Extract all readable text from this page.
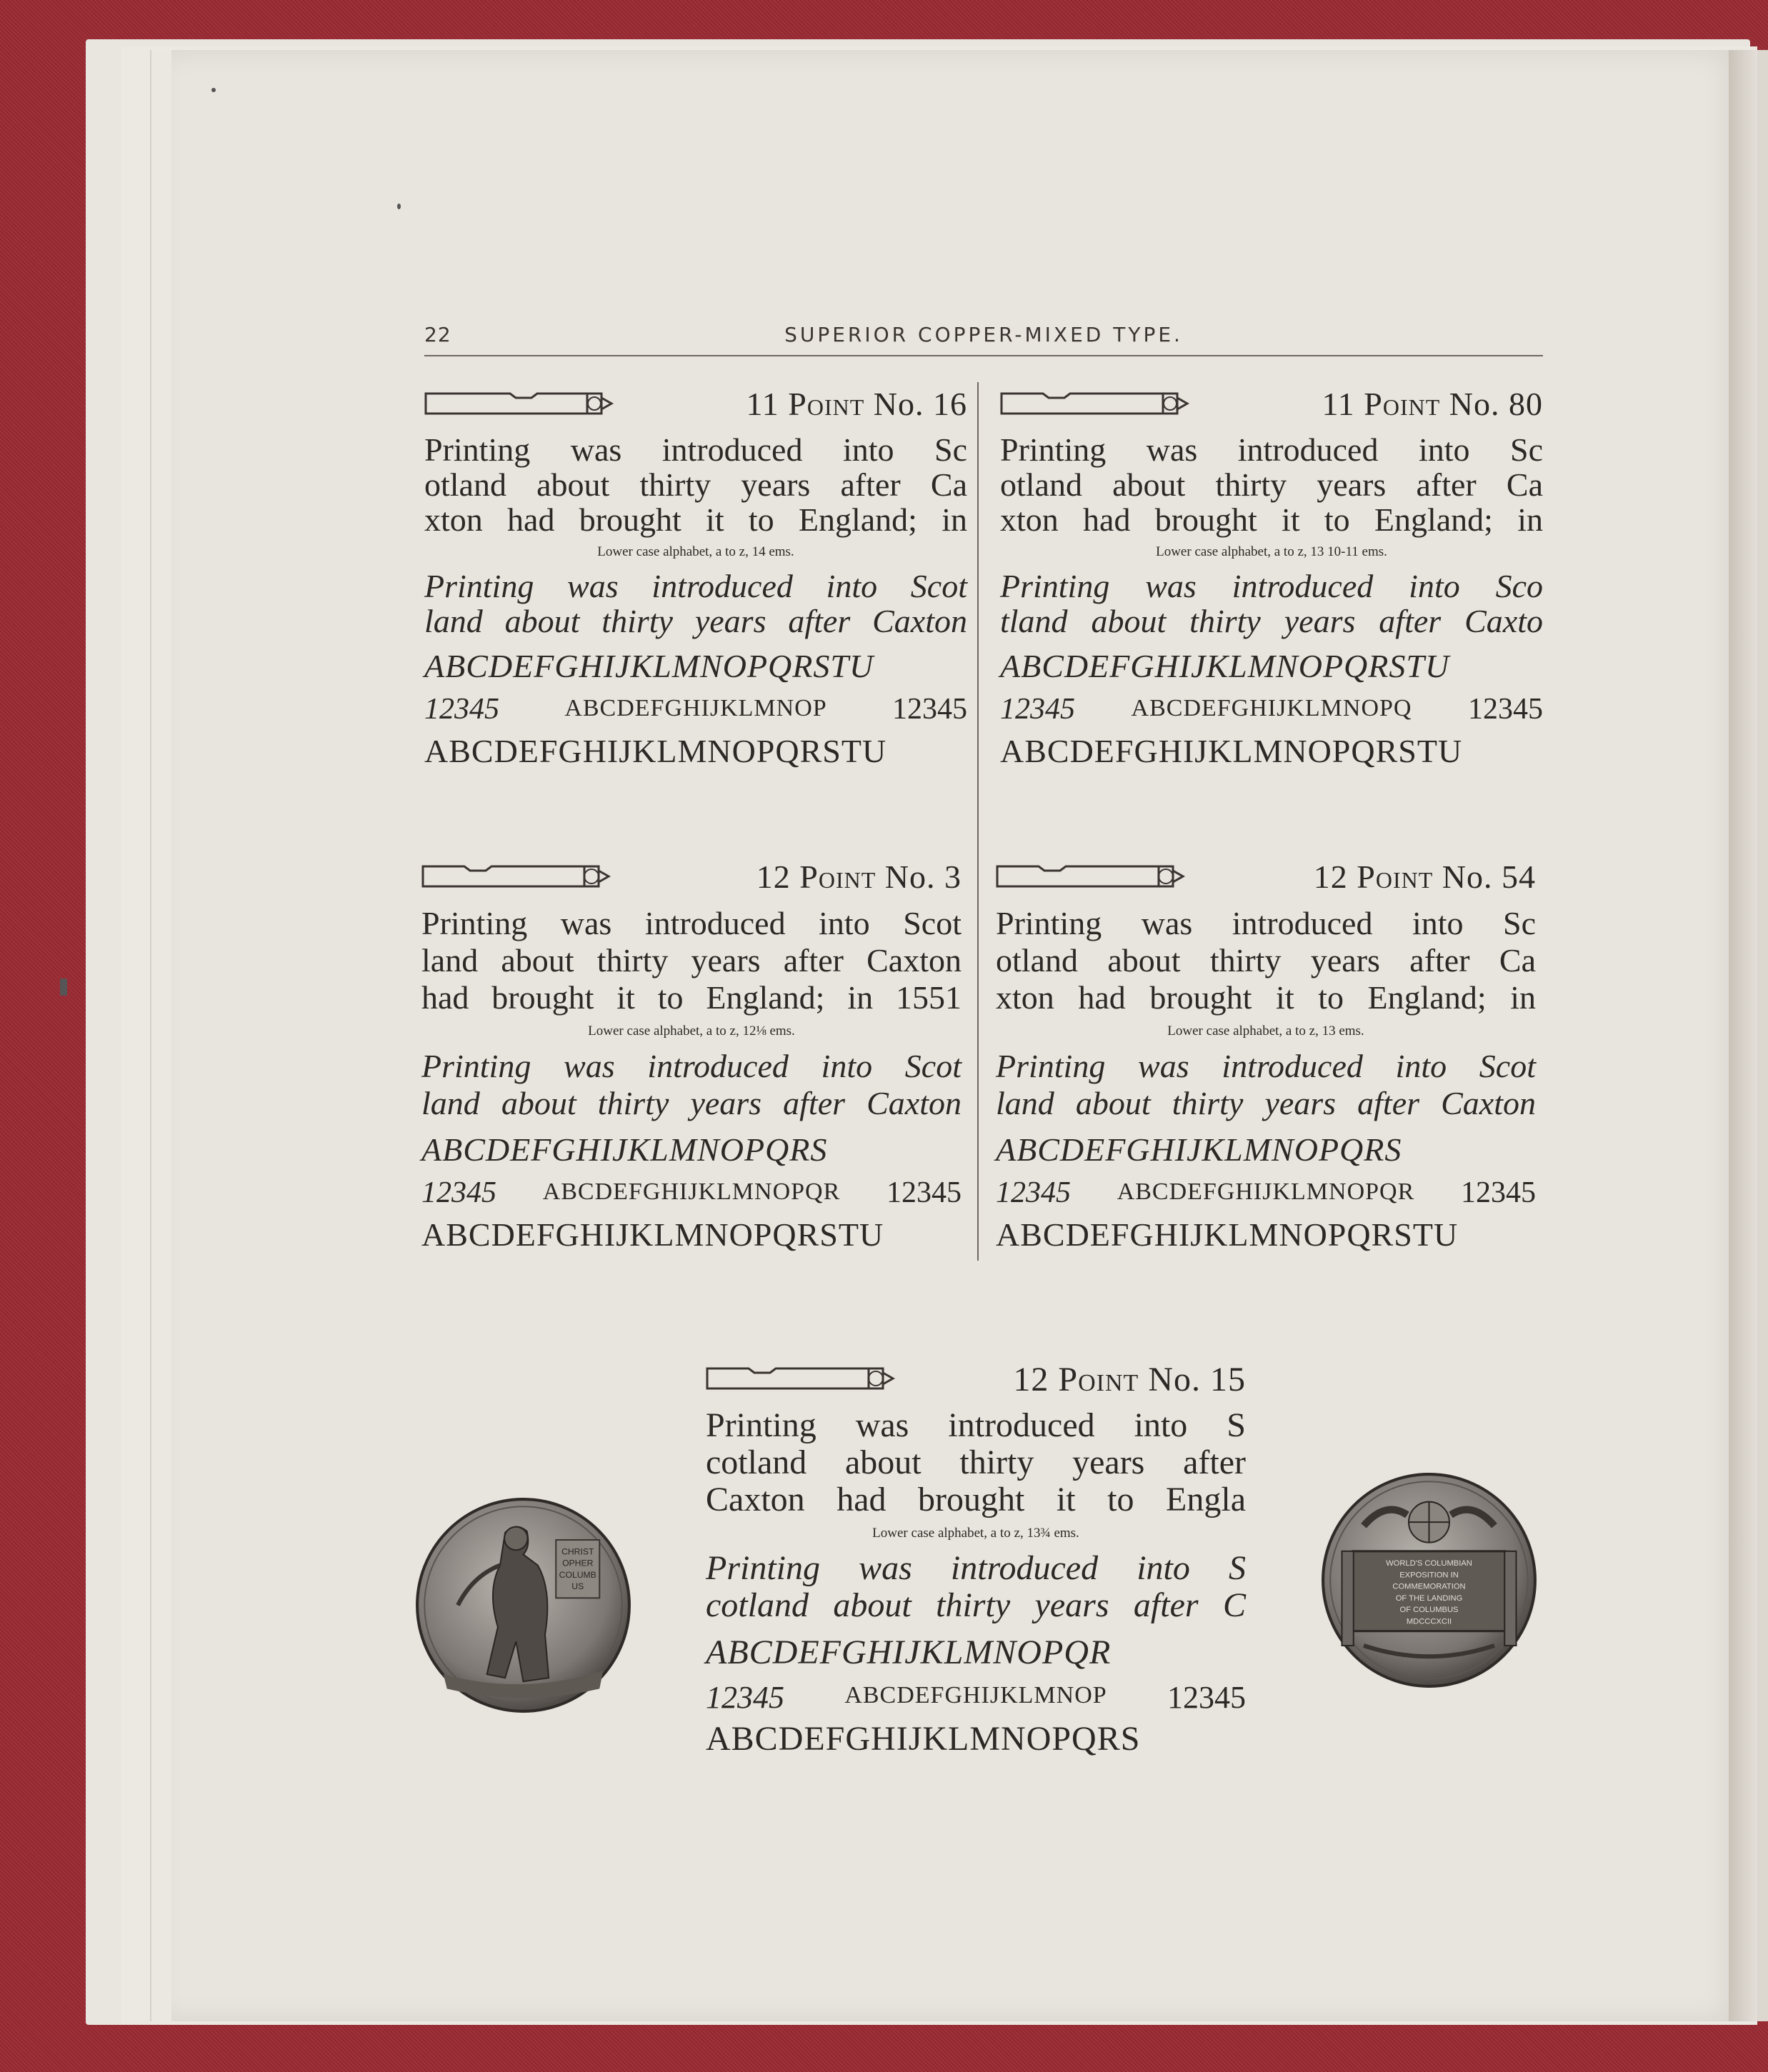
22	SUPERIOR COPPER-MIXED TYPE.
11 Point No. 16
Printing was introduced into Sc
otland about thirty years after Ca
xton had brought it to England; in
Lower case alphabet, a to z, 14 ems.
Printing was introduced into Scot
land about thirty years after Caxton
ABCDEFGHIJKLMNOPQRSTU
12345	ABCDEFGHIJKLMNOP	12345
ABCDEFGHIJKLMNOPQRSTU
11 Point No. 80
Printing was introduced into Sc
otland about thirty years after Ca
xton had brought it to England; in
Lower case alphabet, a to z, 13 10-11 ems.
Printing was introduced into Sco
tland about thirty years after Caxto
ABCDEFGHIJKLMNOPQRSTU
12345	ABCDEFGHIJKLMNOPQ	12345
ABCDEFGHIJKLMNOPQRSTU
12 Point No. 3
Printing was introduced into Scot
land about thirty years after Caxton
had brought it to England; in 1551
Lower case alphabet, a to z, 12⅛ ems.
Printing was introduced into Scot
land about thirty years after Caxton
ABCDEFGHIJKLMNOPQRS
12345	ABCDEFGHIJKLMNOPQR	12345
ABCDEFGHIJKLMNOPQRSTU
12 Point No. 54
Printing was introduced into Sc
otland about thirty years after Ca
xton had brought it to England; in
Lower case alphabet, a to z, 13 ems.
Printing was introduced into Scot
land about thirty years after Caxton
ABCDEFGHIJKLMNOPQRS
12345	ABCDEFGHIJKLMNOPQR	12345
ABCDEFGHIJKLMNOPQRSTU
12 Point No. 15
Printing was introduced into S
cotland about thirty years after
Caxton had brought it to Engla
Lower case alphabet, a to z, 13¾ ems.
Printing was introduced into S
cotland about thirty years after C
ABCDEFGHIJKLMNOPQR
12345	ABCDEFGHIJKLMNOP	12345
ABCDEFGHIJKLMNOPQRS
CHRIST
OPHER
COLUMB
US
WORLD'S COLUMBIAN
EXPOSITION IN
COMMEMORATION
OF THE LANDING
OF COLUMBUS
MDCCCXCII
